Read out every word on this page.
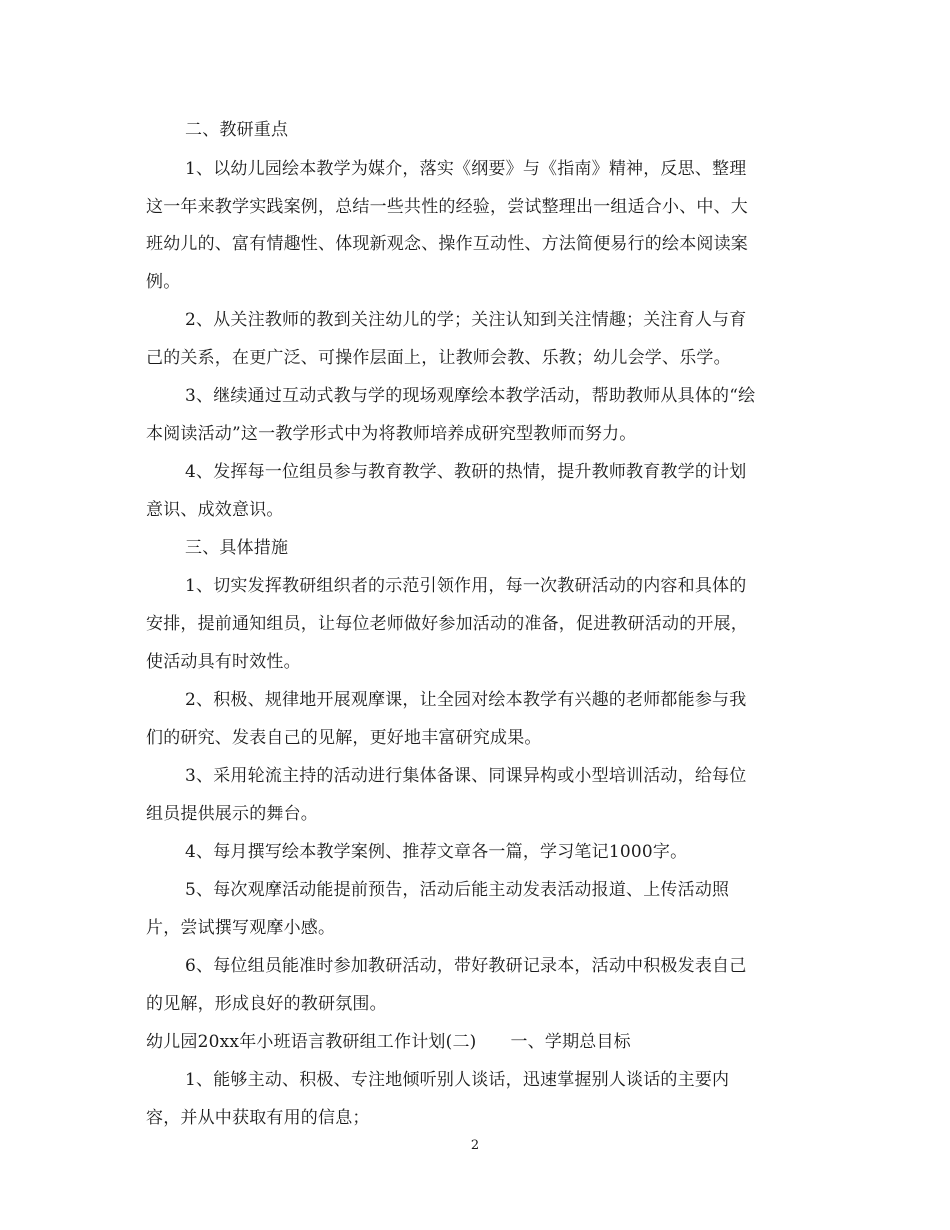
二、教研重点
1、以幼儿园绘本教学为媒介，落实《纲要》与《指南》精神，反思、整理
这一年来教学实践案例，总结一些共性的经验，尝试整理出一组适合小、中、大
班幼儿的、富有情趣性、体现新观念、操作互动性、方法简便易行的绘本阅读案
例。
2、从关注教师的教到关注幼儿的学；关注认知到关注情趣；关注育人与育
己的关系，在更广泛、可操作层面上，让教师会教、乐教；幼儿会学、乐学。
3、继续通过互动式教与学的现场观摩绘本教学活动，帮助教师从具体的“绘
本阅读活动”这一教学形式中为将教师培养成研究型教师而努力。
4、发挥每一位组员参与教育教学、教研的热情，提升教师教育教学的计划
意识、成效意识。
三、具体措施
1、切实发挥教研组织者的示范引领作用，每一次教研活动的内容和具体的
安排，提前通知组员，让每位老师做好参加活动的准备，促进教研活动的开展，
使活动具有时效性。
2、积极、规律地开展观摩课，让全园对绘本教学有兴趣的老师都能参与我
们的研究、发表自己的见解，更好地丰富研究成果。
3、采用轮流主持的活动进行集体备课、同课异构或小型培训活动，给每位
组员提供展示的舞台。
4、每月撰写绘本教学案例、推荐文章各一篇，学习笔记1000字。
5、每次观摩活动能提前预告，活动后能主动发表活动报道、上传活动照
片，尝试撰写观摩小感。
6、每位组员能准时参加教研活动，带好教研记录本，活动中积极发表自己
的见解，形成良好的教研氛围。
幼儿园20xx年小班语言教研组工作计划(二) 一、学期总目标
1、能够主动、积极、专注地倾听别人谈话，迅速掌握别人谈话的主要内
容，并从中获取有用的信息；
2
